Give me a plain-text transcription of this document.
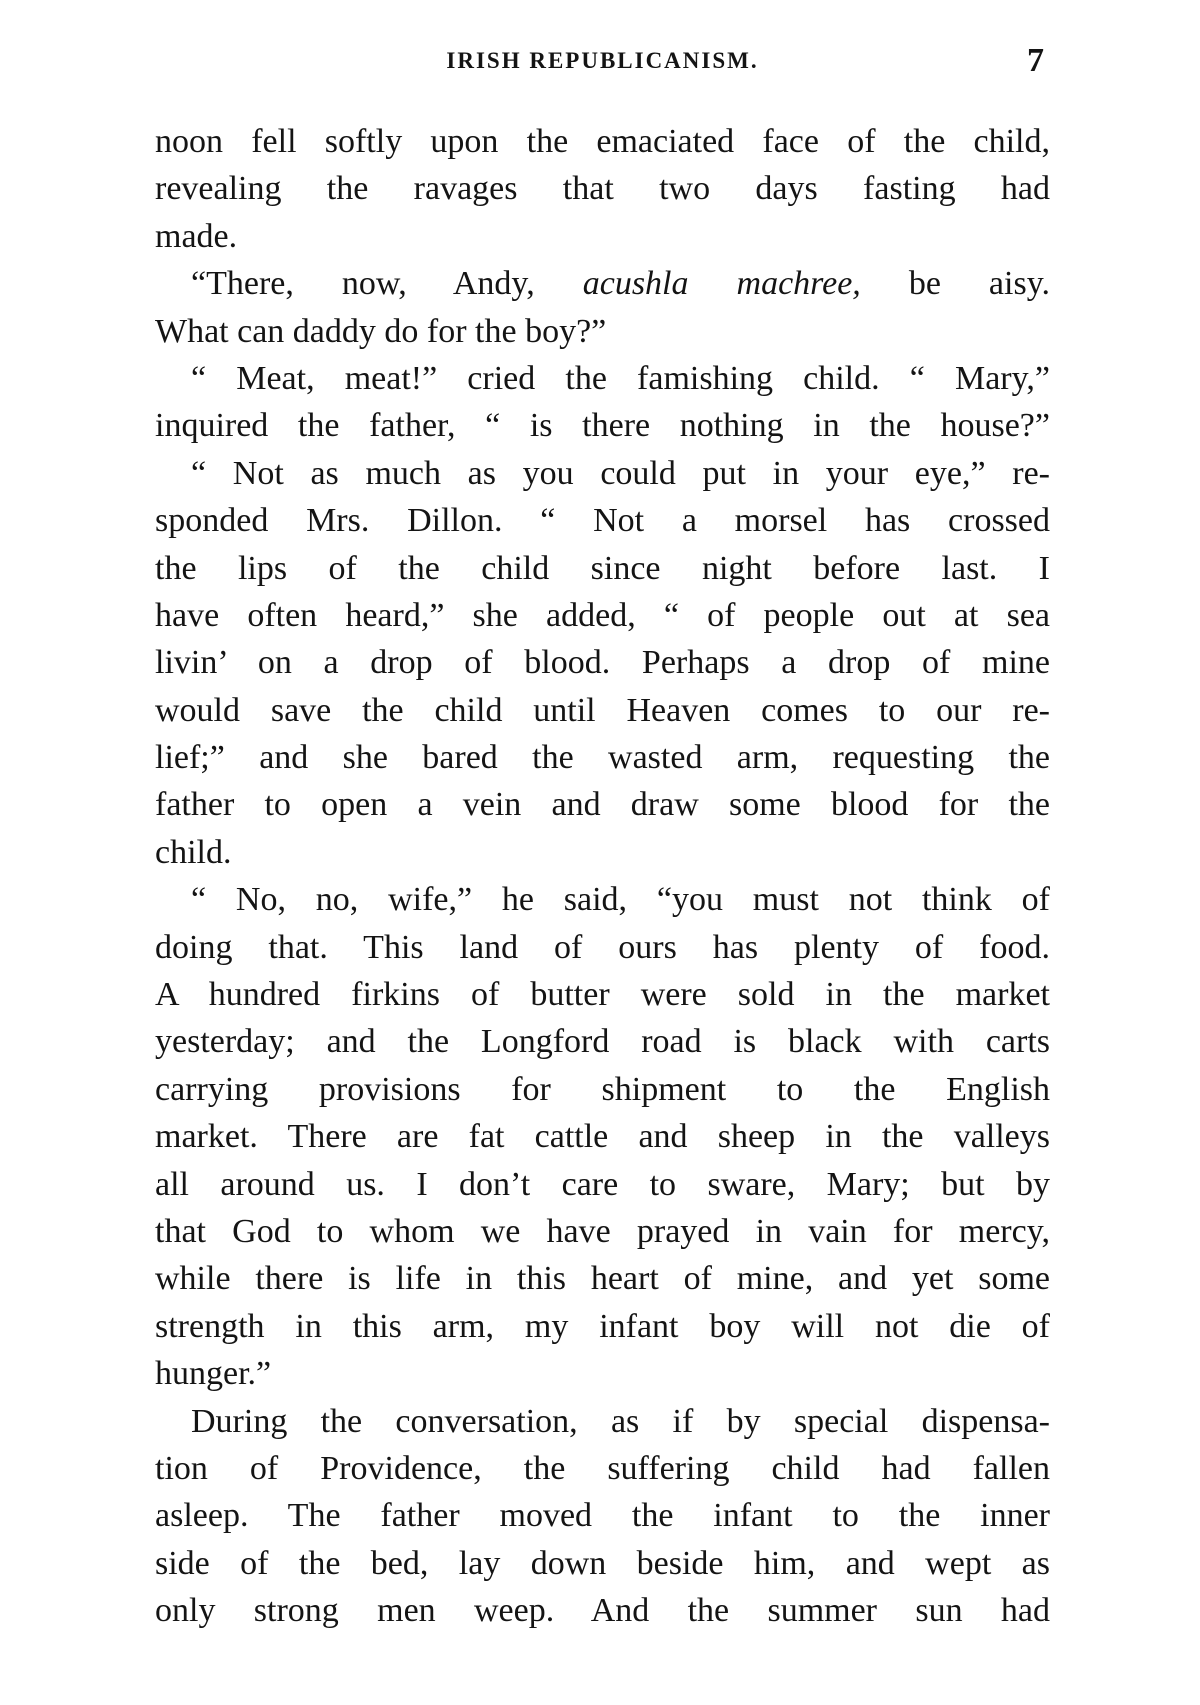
IRISH REPUBLICANISM.	7
noon fell softly upon the emaciated face of the child,
revealing the ravages that two days fasting had
made.
“There, now, Andy, acushla machree, be aisy.
What can daddy do for the boy?”
“ Meat, meat!” cried the famishing child. “ Mary,”
inquired the father, “ is there nothing in the house?”
“ Not as much as you could put in your eye,” re-
sponded Mrs. Dillon. “ Not a morsel has crossed
the lips of the child since night before last. I
have often heard,” she added, “ of people out at sea
livin’ on a drop of blood. Perhaps a drop of mine
would save the child until Heaven comes to our re-
lief;” and she bared the wasted arm, requesting the
father to open a vein and draw some blood for the
child.
“ No, no, wife,” he said, “you must not think of
doing that. This land of ours has plenty of food.
A hundred firkins of butter were sold in the market
yesterday; and the Longford road is black with carts
carrying provisions for shipment to the English
market. There are fat cattle and sheep in the valleys
all around us. I don’t care to sware, Mary; but by
that God to whom we have prayed in vain for mercy,
while there is life in this heart of mine, and yet some
strength in this arm, my infant boy will not die of
hunger.”
During the conversation, as if by special dispensa-
tion of Providence, the suffering child had fallen
asleep. The father moved the infant to the inner
side of the bed, lay down beside him, and wept as
only strong men weep. And the summer sun had
